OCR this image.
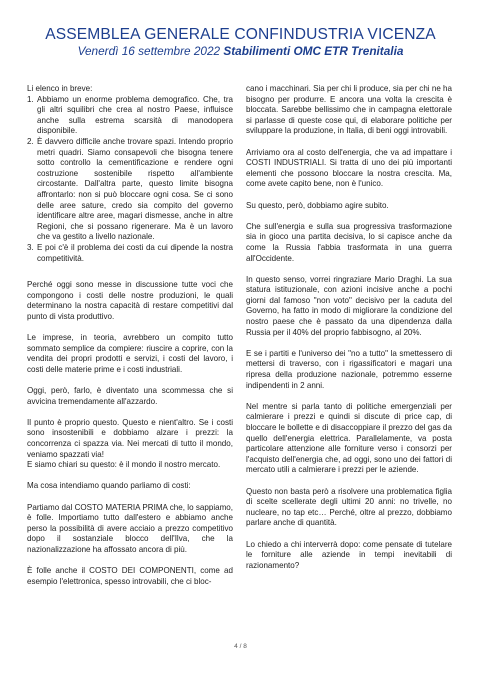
ASSEMBLEA GENERALE CONFINDUSTRIA VICENZA
Venerdì 16 settembre 2022 Stabilimenti OMC ETR Trenitalia

Li elenco in breve:

1. Abbiamo un enorme problema demografico. Che, tra gli altri squilibri che crea al nostro Paese, influisce anche sulla estrema scarsità di manodopera disponibile.
2. È davvero difficile anche trovare spazi. Intendo proprio metri quadri. Siamo consapevoli che bisogna tenere sotto controllo la cementificazione e rendere ogni costruzione sostenibile rispetto all'ambiente circostante. Dall'altra parte, questo limite bisogna affrontarlo: non si può bloccare ogni cosa. Se ci sono delle aree sature, credo sia compito del governo identificare altre aree, magari dismesse, anche in altre Regioni, che si possano rigenerare. Ma è un lavoro che va gestito a livello nazionale.
3. E poi c'è il problema dei costi da cui dipende la nostra competitività.

Perché oggi sono messe in discussione tutte voci che compongono i costi delle nostre produzioni, le quali determinano la nostra capacità di restare competitivi dal punto di vista produttivo.

Le imprese, in teoria, avrebbero un compito tutto sommato semplice da compiere: riuscire a coprire, con la vendita dei propri prodotti e servizi, i costi del lavoro, i costi delle materie prime e i costi industriali.

Oggi, però, farlo, è diventato una scommessa che si avvicina tremendamente all'azzardo.

Il punto è proprio questo. Questo e nient'altro. Se i costi sono insostenibili e dobbiamo alzare i prezzi: la concorrenza ci spazza via. Nei mercati di tutto il mondo, veniamo spazzati via!
E siamo chiari su questo: è il mondo il nostro mercato.

Ma cosa intendiamo quando parliamo di costi:

Partiamo dal COSTO MATERIA PRIMA che, lo sappiamo, è folle. Importiamo tutto dall'estero e abbiamo anche perso la possibilità di avere acciaio a prezzo competitivo dopo il sostanziale blocco dell'Ilva, che la nazionalizzazione ha affossato ancora di più.

È folle anche il COSTO DEI COMPONENTI, come ad esempio l'elettronica, spesso introvabili, che ci bloc-

cano i macchinari. Sia per chi li produce, sia per chi ne ha bisogno per produrre. E ancora una volta la crescita è bloccata. Sarebbe bellissimo che in campagna elettorale si parlasse di queste cose qui, di elaborare politiche per sviluppare la produzione, in Italia, di beni oggi introvabili.

Arriviamo ora al costo dell'energia, che va ad impattare i COSTI INDUSTRIALI. Si tratta di uno dei più importanti elementi che possono bloccare la nostra crescita. Ma, come avete capito bene, non è l'unico.

Su questo, però, dobbiamo agire subito.

Che sull'energia e sulla sua progressiva trasformazione sia in gioco una partita decisiva, lo si capisce anche da come la Russia l'abbia trasformata in una guerra all'Occidente.

In questo senso, vorrei ringraziare Mario Draghi. La sua statura istituzionale, con azioni incisive anche a pochi giorni dal famoso "non voto" decisivo per la caduta del Governo, ha fatto in modo di migliorare la condizione del nostro paese che è passato da una dipendenza dalla Russia per il 40% del proprio fabbisogno, al 20%.

E se i partiti e l'universo dei "no a tutto" la smettessero di mettersi di traverso, con i rigassificatori e magari una ripresa della produzione nazionale, potremmo esserne indipendenti in 2 anni.

Nel mentre si parla tanto di politiche emergenziali per calmierare i prezzi e quindi si discute di price cap, di bloccare le bollette e di disaccoppiare il prezzo del gas da quello dell'energia elettrica. Parallelamente, va posta particolare attenzione alle forniture verso i consorzi per l'acquisto dell'energia che, ad oggi, sono uno dei fattori di mercato utili a calmierare i prezzi per le aziende.

Questo non basta però a risolvere una problematica figlia di scelte scellerate degli ultimi 20 anni: no trivelle, no nucleare, no tap etc… Perché, oltre al prezzo, dobbiamo parlare anche di quantità.

Lo chiedo a chi interverrà dopo: come pensate di tutelare le forniture alle aziende in tempi inevitabili di razionamento?

4 / 8
